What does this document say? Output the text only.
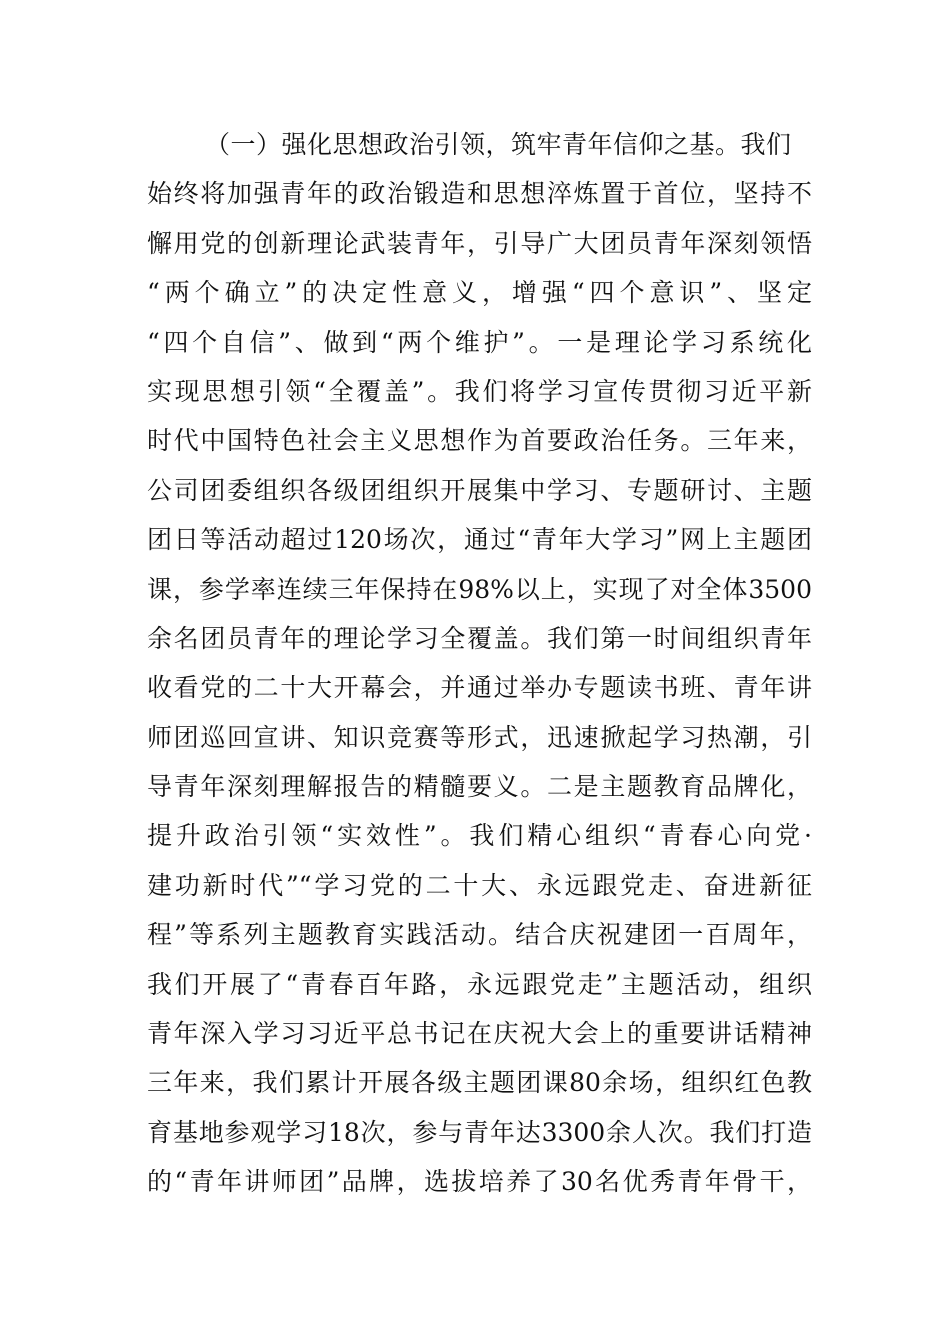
（一）强化思想政治引领，筑牢青年信仰之基。我们
始终将加强青年的政治锻造和思想淬炼置于首位，坚持不
懈用党的创新理论武装青年，引导广大团员青年深刻领悟
“两个确立”的决定性意义，增强“四个意识”、坚定
“四个自信”、做到“两个维护”。一是理论学习系统化
实现思想引领“全覆盖”。我们将学习宣传贯彻习近平新
时代中国特色社会主义思想作为首要政治任务。三年来，
公司团委组织各级团组织开展集中学习、专题研讨、主题
团日等活动超过120场次，通过“青年大学习”网上主题团
课，参学率连续三年保持在98%以上，实现了对全体3500
余名团员青年的理论学习全覆盖。我们第一时间组织青年
收看党的二十大开幕会，并通过举办专题读书班、青年讲
师团巡回宣讲、知识竞赛等形式，迅速掀起学习热潮，引
导青年深刻理解报告的精髓要义。二是主题教育品牌化，
提升政治引领“实效性”。我们精心组织“青春心向党·
建功新时代”“学习党的二十大、永远跟党走、奋进新征
程”等系列主题教育实践活动。结合庆祝建团一百周年，
我们开展了“青春百年路，永远跟党走”主题活动，组织
青年深入学习习近平总书记在庆祝大会上的重要讲话精神
三年来，我们累计开展各级主题团课80余场，组织红色教
育基地参观学习18次，参与青年达3300余人次。我们打造
的“青年讲师团”品牌，选拔培养了30名优秀青年骨干，
